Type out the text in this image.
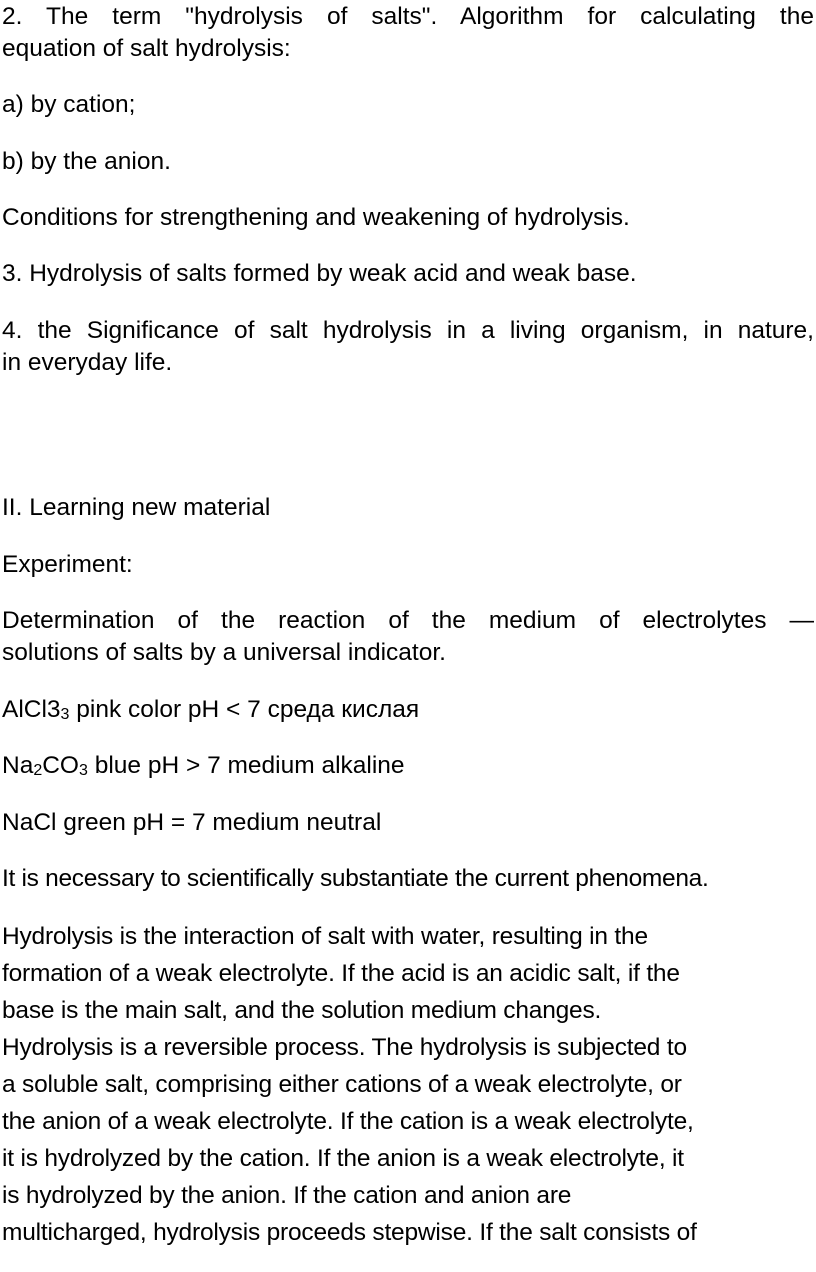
2. The term "hydrolysis of salts". Algorithm for calculating the

equation of salt hydrolysis:

a) by cation;

b) by the anion.

Conditions for strengthening and weakening of hydrolysis.

3. Hydrolysis of salts formed by weak acid and weak base.

4. the Significance of salt hydrolysis in a living organism, in nature,

in everyday life.

II. Learning new material

Experiment:

Determination of the reaction of the medium of electrolytes —

solutions of salts by a universal indicator.

$AlCl3_3$ pink color pH < 7 среда кислая

$Na_2CO_3$ blue pH > 7 medium alkaline

NaCl green pH = 7 medium neutral

It is necessary to scientifically substantiate the current phenomena.

Hydrolysis is the interaction of salt with water, resulting in the

formation of a weak electrolyte. If the acid is an acidic salt, if the

base is the main salt, and the solution medium changes.

Hydrolysis is a reversible process. The hydrolysis is subjected to

a soluble salt, comprising either cations of a weak electrolyte, or

the anion of a weak electrolyte. If the cation is a weak electrolyte,

it is hydrolyzed by the cation. If the anion is a weak electrolyte, it

is hydrolyzed by the anion. If the cation and anion are

multicharged, hydrolysis proceeds stepwise. If the salt consists of
